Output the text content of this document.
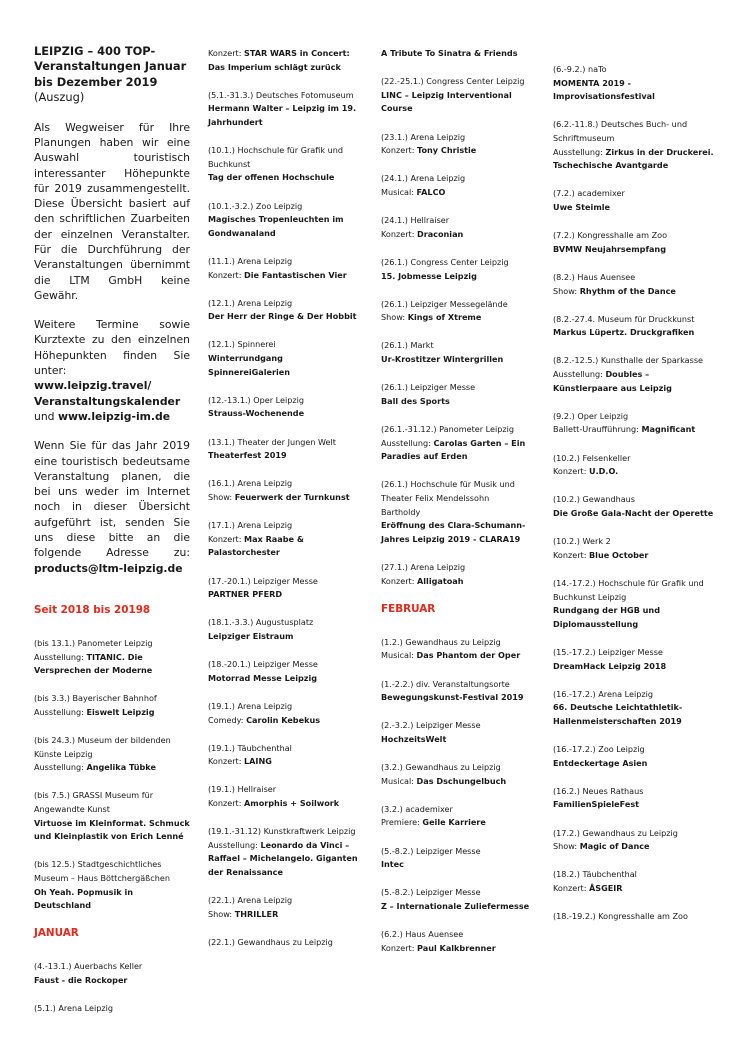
LEIPZIG – 400 TOP-Veranstaltungen Januar bis Dezember 2019 (Auszug)

Als Wegweiser für Ihre Planungen haben wir eine Auswahl touristisch interessanter Höhepunkte für 2019 zusammengestellt. Diese Übersicht basiert auf den schriftlichen Zuarbeiten der einzelnen Veranstalter. Für die Durchführung der Veranstaltungen übernimmt die LTM GmbH keine Gewähr.

Weitere Termine sowie Kurztexte zu den einzelnen Höhepunkten finden Sie unter:
www.leipzig.travel/ Veranstaltungskalender
und www.leipzig-im.de

Wenn Sie für das Jahr 2019 eine touristisch bedeutsame Veranstaltung planen, die bei uns weder im Internet noch in dieser Übersicht aufgeführt ist, senden Sie uns diese bitte an die folgende Adresse zu: products@ltm-leipzig.de

Seit 2018 bis 20198
(bis 13.1.) Panometer Leipzig
Ausstellung: TITANIC. Die Versprechen der Moderne
(bis 3.3.) Bayerischer Bahnhof
Ausstellung: Eiswelt Leipzig
(bis 24.3.) Museum der bildenden Künste Leipzig
Ausstellung: Angelika Tübke
(bis 7.5.) GRASSI Museum für Angewandte Kunst
Virtuose im Kleinformat. Schmuck und Kleinplastik von Erich Lenné
(bis 12.5.) Stadtgeschichtliches Museum – Haus Böttchergäßchen
Oh Yeah. Popmusik in Deutschland
JANUAR
(4.-13.1.) Auerbachs Keller
Faust - die Rockoper
(5.1.) Arena Leipzig
Konzert: STAR WARS in Concert: Das Imperium schlägt zurück
(5.1.-31.3.) Deutsches Fotomuseum
Hermann Walter – Leipzig im 19. Jahrhundert
(10.1.) Hochschule für Grafik und Buchkunst
Tag der offenen Hochschule
(10.1.-3.2.) Zoo Leipzig
Magisches Tropenleuchten im Gondwanaland
(11.1.) Arena Leipzig
Konzert: Die Fantastischen Vier
(12.1.) Arena Leipzig
Der Herr der Ringe & Der Hobbit
(12.1.) Spinnerei
Winterrundgang SpinnereiGalerien
(12.-13.1.) Oper Leipzig
Strauss-Wochenende
(13.1.) Theater der Jungen Welt
Theaterfest 2019
(16.1.) Arena Leipzig
Show: Feuerwerk der Turnkunst
(17.1.) Arena Leipzig
Konzert: Max Raabe & Palastorchester
(17.-20.1.) Leipziger Messe
PARTNER PFERD
(18.1.-3.3.) Augustusplatz
Leipziger Eistraum
(18.-20.1.) Leipziger Messe
Motorrad Messe Leipzig
(19.1.) Arena Leipzig
Comedy: Carolin Kebekus
(19.1.) Täubchenthal
Konzert: LAING
(19.1.) Hellraiser
Konzert: Amorphis + Soilwork
(19.1.-31.12) Kunstkraftwerk Leipzig
Ausstellung: Leonardo da Vinci – Raffael – Michelangelo. Giganten der Renaissance
(22.1.) Arena Leipzig
Show: THRILLER
(22.1.) Gewandhaus zu Leipzig
A Tribute To Sinatra & Friends
(22.-25.1.) Congress Center Leipzig
LINC – Leipzig Interventional Course
(23.1.) Arena Leipzig
Konzert: Tony Christie
(24.1.) Arena Leipzig
Musical: FALCO
(24.1.) Hellraiser
Konzert: Draconian
(26.1.) Congress Center Leipzig
15. Jobmesse Leipzig
(26.1.) Leipziger Messegelände
Show: Kings of Xtreme
(26.1.) Markt
Ur-Krostitzer Wintergrillen
(26.1.) Leipziger Messe
Ball des Sports
(26.1.-31.12.) Panometer Leipzig
Ausstellung: Carolas Garten – Ein Paradies auf Erden
(26.1.) Hochschule für Musik und Theater Felix Mendelssohn Bartholdy
Eröffnung des Clara-Schumann-Jahres Leipzig 2019 - CLARA19
(27.1.) Arena Leipzig
Konzert: Alligatoah
FEBRUAR
(1.2.) Gewandhaus zu Leipzig
Musical: Das Phantom der Oper
(1.-2.2.) div. Veranstaltungsorte
Bewegungskunst-Festival 2019
(2.-3.2.) Leipziger Messe
HochzeitsWelt
(3.2.) Gewandhaus zu Leipzig
Musical: Das Dschungelbuch
(3.2.) academixer
Premiere: Geile Karriere
(5.-8.2.) Leipziger Messe
Intec
(5.-8.2.) Leipziger Messe
Z – Internationale Zuliefermesse
(6.2.) Haus Auensee
Konzert: Paul Kalkbrenner
(6.-9.2.) naTo
MOMENTA 2019 - Improvisationsfestival
(6.2.-11.8.) Deutsches Buch- und Schriftmuseum
Ausstellung: Zirkus in der Druckerei. Tschechische Avantgarde
(7.2.) academixer
Uwe Steimle
(7.2.) Kongresshalle am Zoo
BVMW Neujahrsempfang
(8.2.) Haus Auensee
Show: Rhythm of the Dance
(8.2.-27.4. Museum für Druckkunst
Markus Lüpertz. Druckgrafiken
(8.2.-12.5.) Kunsthalle der Sparkasse
Ausstellung: Doubles – Künstlerpaare aus Leipzig
(9.2.) Oper Leipzig
Ballett-Uraufführung: Magnificant
(10.2.) Felsenkeller
Konzert: U.D.O.
(10.2.) Gewandhaus
Die Große Gala-Nacht der Operette
(10.2.) Werk 2
Konzert: Blue October
(14.-17.2.) Hochschule für Grafik und Buchkunst Leipzig
Rundgang der HGB und Diplomausstellung
(15.-17.2.) Leipziger Messe
DreamHack Leipzig 2018
(16.-17.2.) Arena Leipzig
66. Deutsche Leichtathletik-Hallenmeisterschaften 2019
(16.-17.2.) Zoo Leipzig
Entdeckertage Asien
(16.2.) Neues Rathaus
FamilienSpieleFest
(17.2.) Gewandhaus zu Leipzig
Show: Magic of Dance
(18.2.) Täubchenthal
Konzert: ÅSGEIR
(18.-19.2.) Kongresshalle am Zoo
